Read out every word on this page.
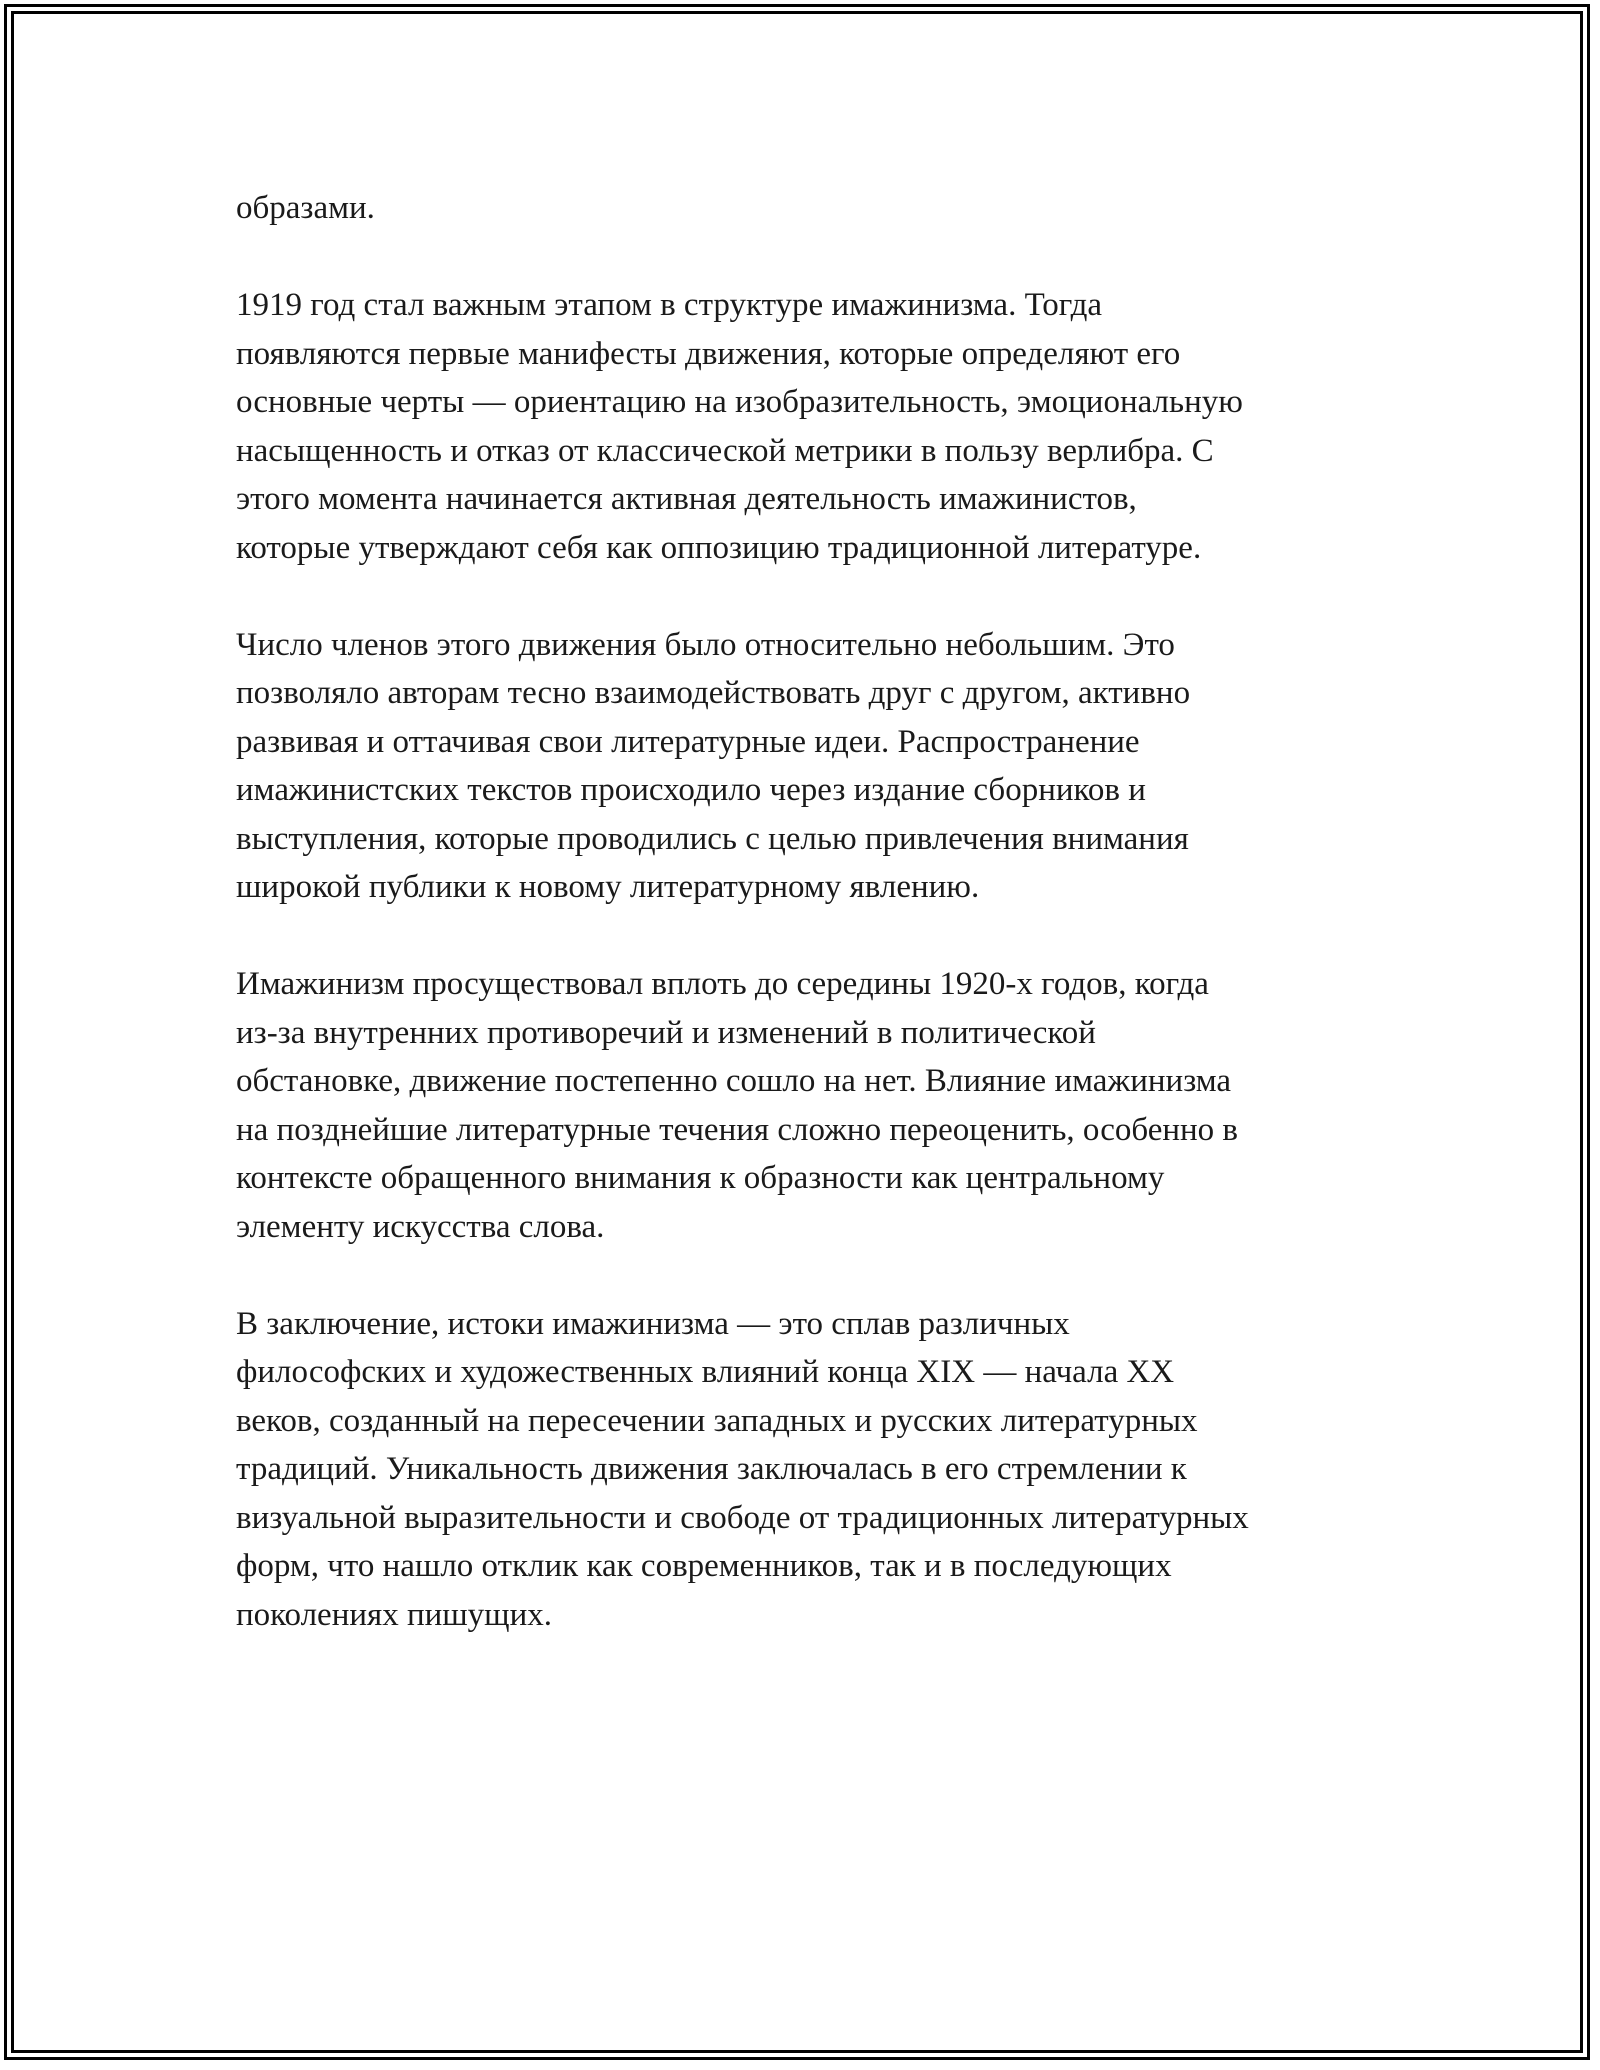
образами.

1919 год стал важным этапом в структуре имажинизма. Тогда
появляются первые манифесты движения, которые определяют его
основные черты — ориентацию на изобразительность, эмоциональную
насыщенность и отказ от классической метрики в пользу верлибра. С
этого момента начинается активная деятельность имажинистов,
которые утверждают себя как оппозицию традиционной литературе.

Число членов этого движения было относительно небольшим. Это
позволяло авторам тесно взаимодействовать друг с другом, активно
развивая и оттачивая свои литературные идеи. Распространение
имажинистских текстов происходило через издание сборников и
выступления, которые проводились с целью привлечения внимания
широкой публики к новому литературному явлению.

Имажинизм просуществовал вплоть до середины 1920-х годов, когда
из-за внутренних противоречий и изменений в политической
обстановке, движение постепенно сошло на нет. Влияние имажинизма
на позднейшие литературные течения сложно переоценить, особенно в
контексте обращенного внимания к образности как центральному
элементу искусства слова.

В заключение, истоки имажинизма — это сплав различных
философских и художественных влияний конца XIX — начала XX
веков, созданный на пересечении западных и русских литературных
традиций. Уникальность движения заключалась в его стремлении к
визуальной выразительности и свободе от традиционных литературных
форм, что нашло отклик как современников, так и в последующих
поколениях пишущих.
